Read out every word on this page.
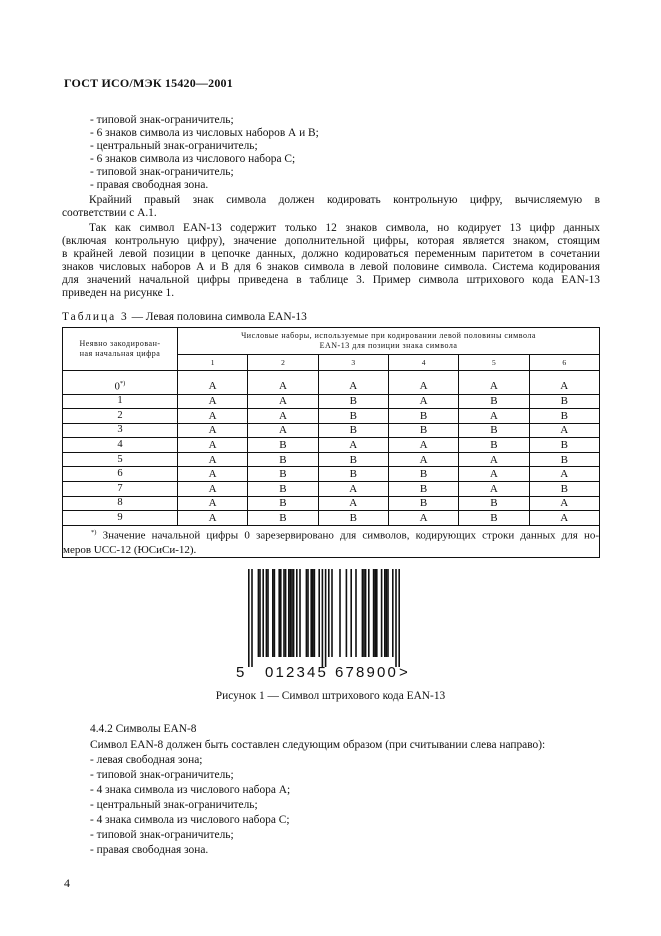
ГОСТ ИСО/МЭК 15420—2001
- типовой знак-ограничитель;
- 6 знаков символа из числовых наборов А и В;
- центральный знак-ограничитель;
- 6 знаков символа из числового набора С;
- типовой знак-ограничитель;
- правая свободная зона.
Крайний правый знак символа должен кодировать контрольную цифру, вычисляемую в
соответствии с А.1.
Так как символ EAN-13 содержит только 12 знаков символа, но кодирует 13 цифр данных
(включая контрольную цифру), значение дополнительной цифры, которая является знаком, стоящим
в крайней левой позиции в цепочке данных, должно кодироваться переменным паритетом в сочетании
знаков числовых наборов А и В для 6 знаков символа в левой половине символа. Система кодирования
для значений начальной цифры приведена в таблице 3. Пример символа штрихового кода EAN-13
приведен на рисунке 1.
Таблица 3 — Левая половина символа EAN-13
Неявно закодирован-
ная начальная цифра	Числовые наборы, используемые при кодировании левой половины символа
EAN-13 для позиции знака символа					
	1	2	3	4	5	6

0*)	A	A	A	A	A	A
1	A	A	B	A	B	B
2	A	A	B	B	A	B
3	A	A	B	B	B	A
4	A	B	A	A	B	B
5	A	B	B	A	A	B
6	A	B	B	B	A	A
7	A	B	A	B	A	B
8	A	B	A	B	B	A
9	A	B	B	A	B	A

*) Значение начальной цифры 0 зарезервировано для символов, кодирующих строки данных для но-
меров UCC-12 (ЮСиСи-12).						
5 0 1 2 3 4 5 6 7 8 9 0 0 >
Рисунок 1 — Символ штрихового кода EAN-13
4.4.2 Символы EAN-8
Символ EAN-8 должен быть составлен следующим образом (при считывании слева направо):
- левая свободная зона;
- типовой знак-ограничитель;
- 4 знака символа из числового набора А;
- центральный знак-ограничитель;
- 4 знака символа из числового набора С;
- типовой знак-ограничитель;
- правая свободная зона.
4
